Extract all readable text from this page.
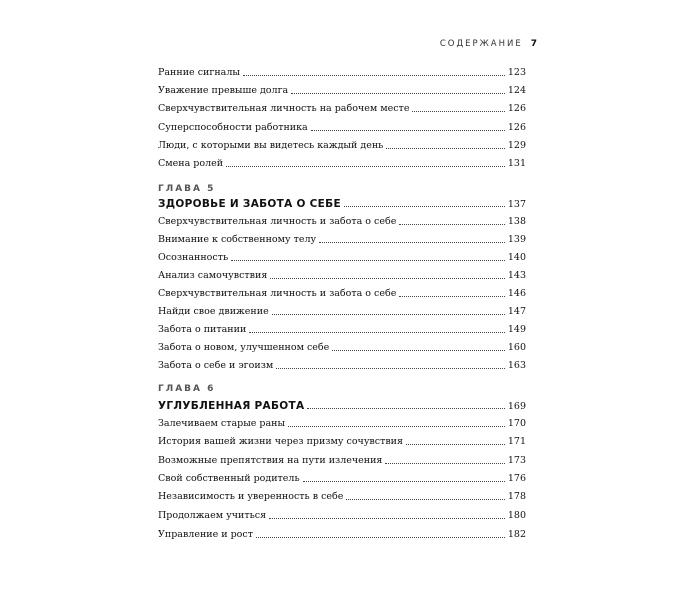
СОДЕРЖАНИЕ 7
Ранние сигналы	123
Уважение превыше долга	124
Сверхчувствительная личность на рабочем месте	126
Суперспособности работника	126
Люди, с которыми вы видетесь каждый день	129
Смена ролей	131
ГЛАВА 5
ЗДОРОВЬЕ И ЗАБОТА О СЕБЕ	137
Сверхчувствительная личность и забота о себе	138
Внимание к собственному телу	139
Осознанность	140
Анализ самочувствия	143
Сверхчувствительная личность и забота о себе	146
Найди свое движение	147
Забота о питании	149
Забота о новом, улучшенном себе	160
Забота о себе и эгоизм	163
ГЛАВА 6
УГЛУБЛЕННАЯ РАБОТА	169
Залечиваем старые раны	170
История вашей жизни через призму сочувствия	171
Возможные препятствия на пути излечения	173
Свой собственный родитель	176
Независимость и уверенность в себе	178
Продолжаем учиться	180
Управление и рост	182
